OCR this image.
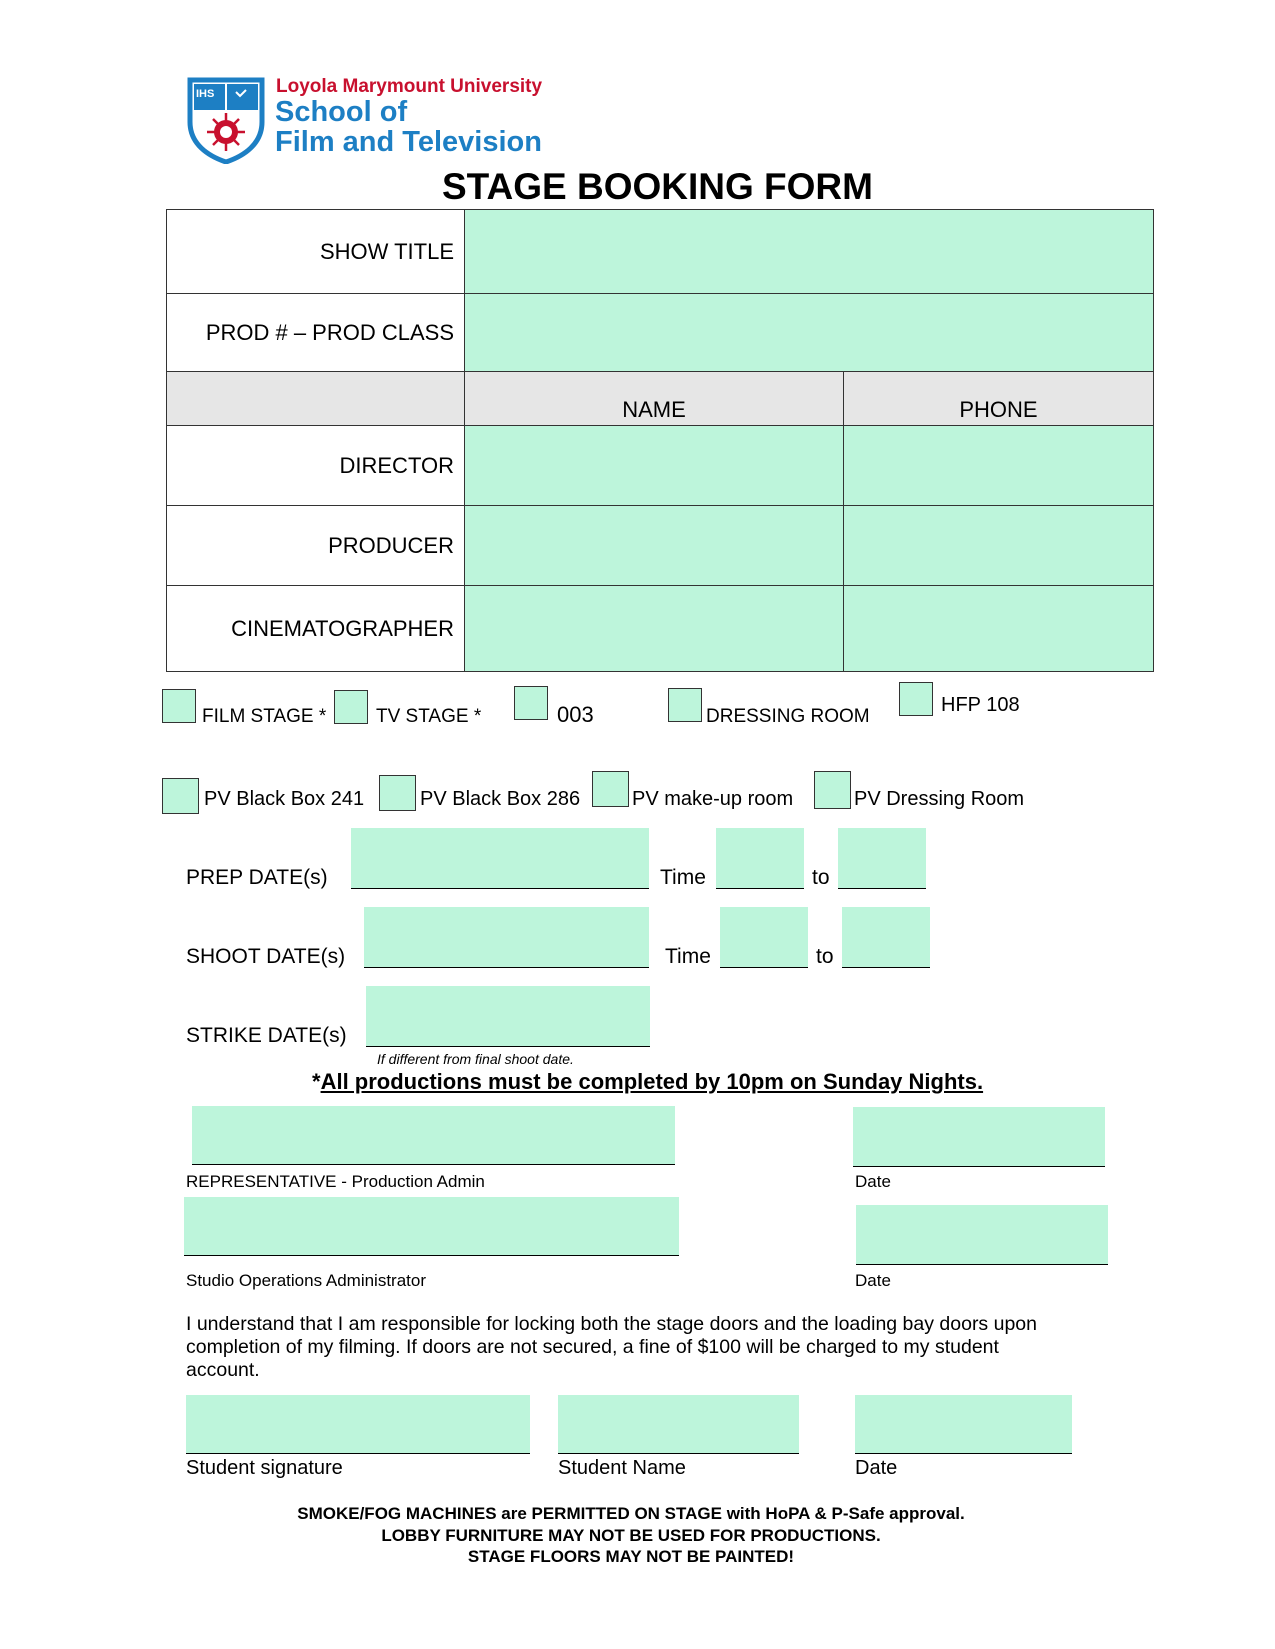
IHS	Loyola Marymount University
School of
Film and Television
STAGE BOOKING FORM
SHOW TITLE		
PROD # – PROD CLASS		
	NAME	PHONE
DIRECTOR		
PRODUCER		
CINEMATOGRAPHER		
FILM STAGE *	TV STAGE *	003	DRESSING ROOM
HFP 108
PV Black Box 241	PV Black Box 286	PV make-up room	PV Dressing Room
PREP DATE(s)	Time	to
SHOOT DATE(s)	Time	to
STRIKE DATE(s)
If different from final shoot date.
*All productions must be completed by 10pm on Sunday Nights.
REPRESENTATIVE - Production Admin	Date
Studio Operations Administrator	Date
I understand that I am responsible for locking both the stage doors and the loading bay doors upon completion of my filming. If doors are not secured, a fine of $100 will be charged to my student account.
Student signature	Student Name	Date
SMOKE/FOG MACHINES are PERMITTED ON STAGE with HoPA & P-Safe approval.
LOBBY FURNITURE MAY NOT BE USED FOR PRODUCTIONS.
STAGE FLOORS MAY NOT BE PAINTED!
